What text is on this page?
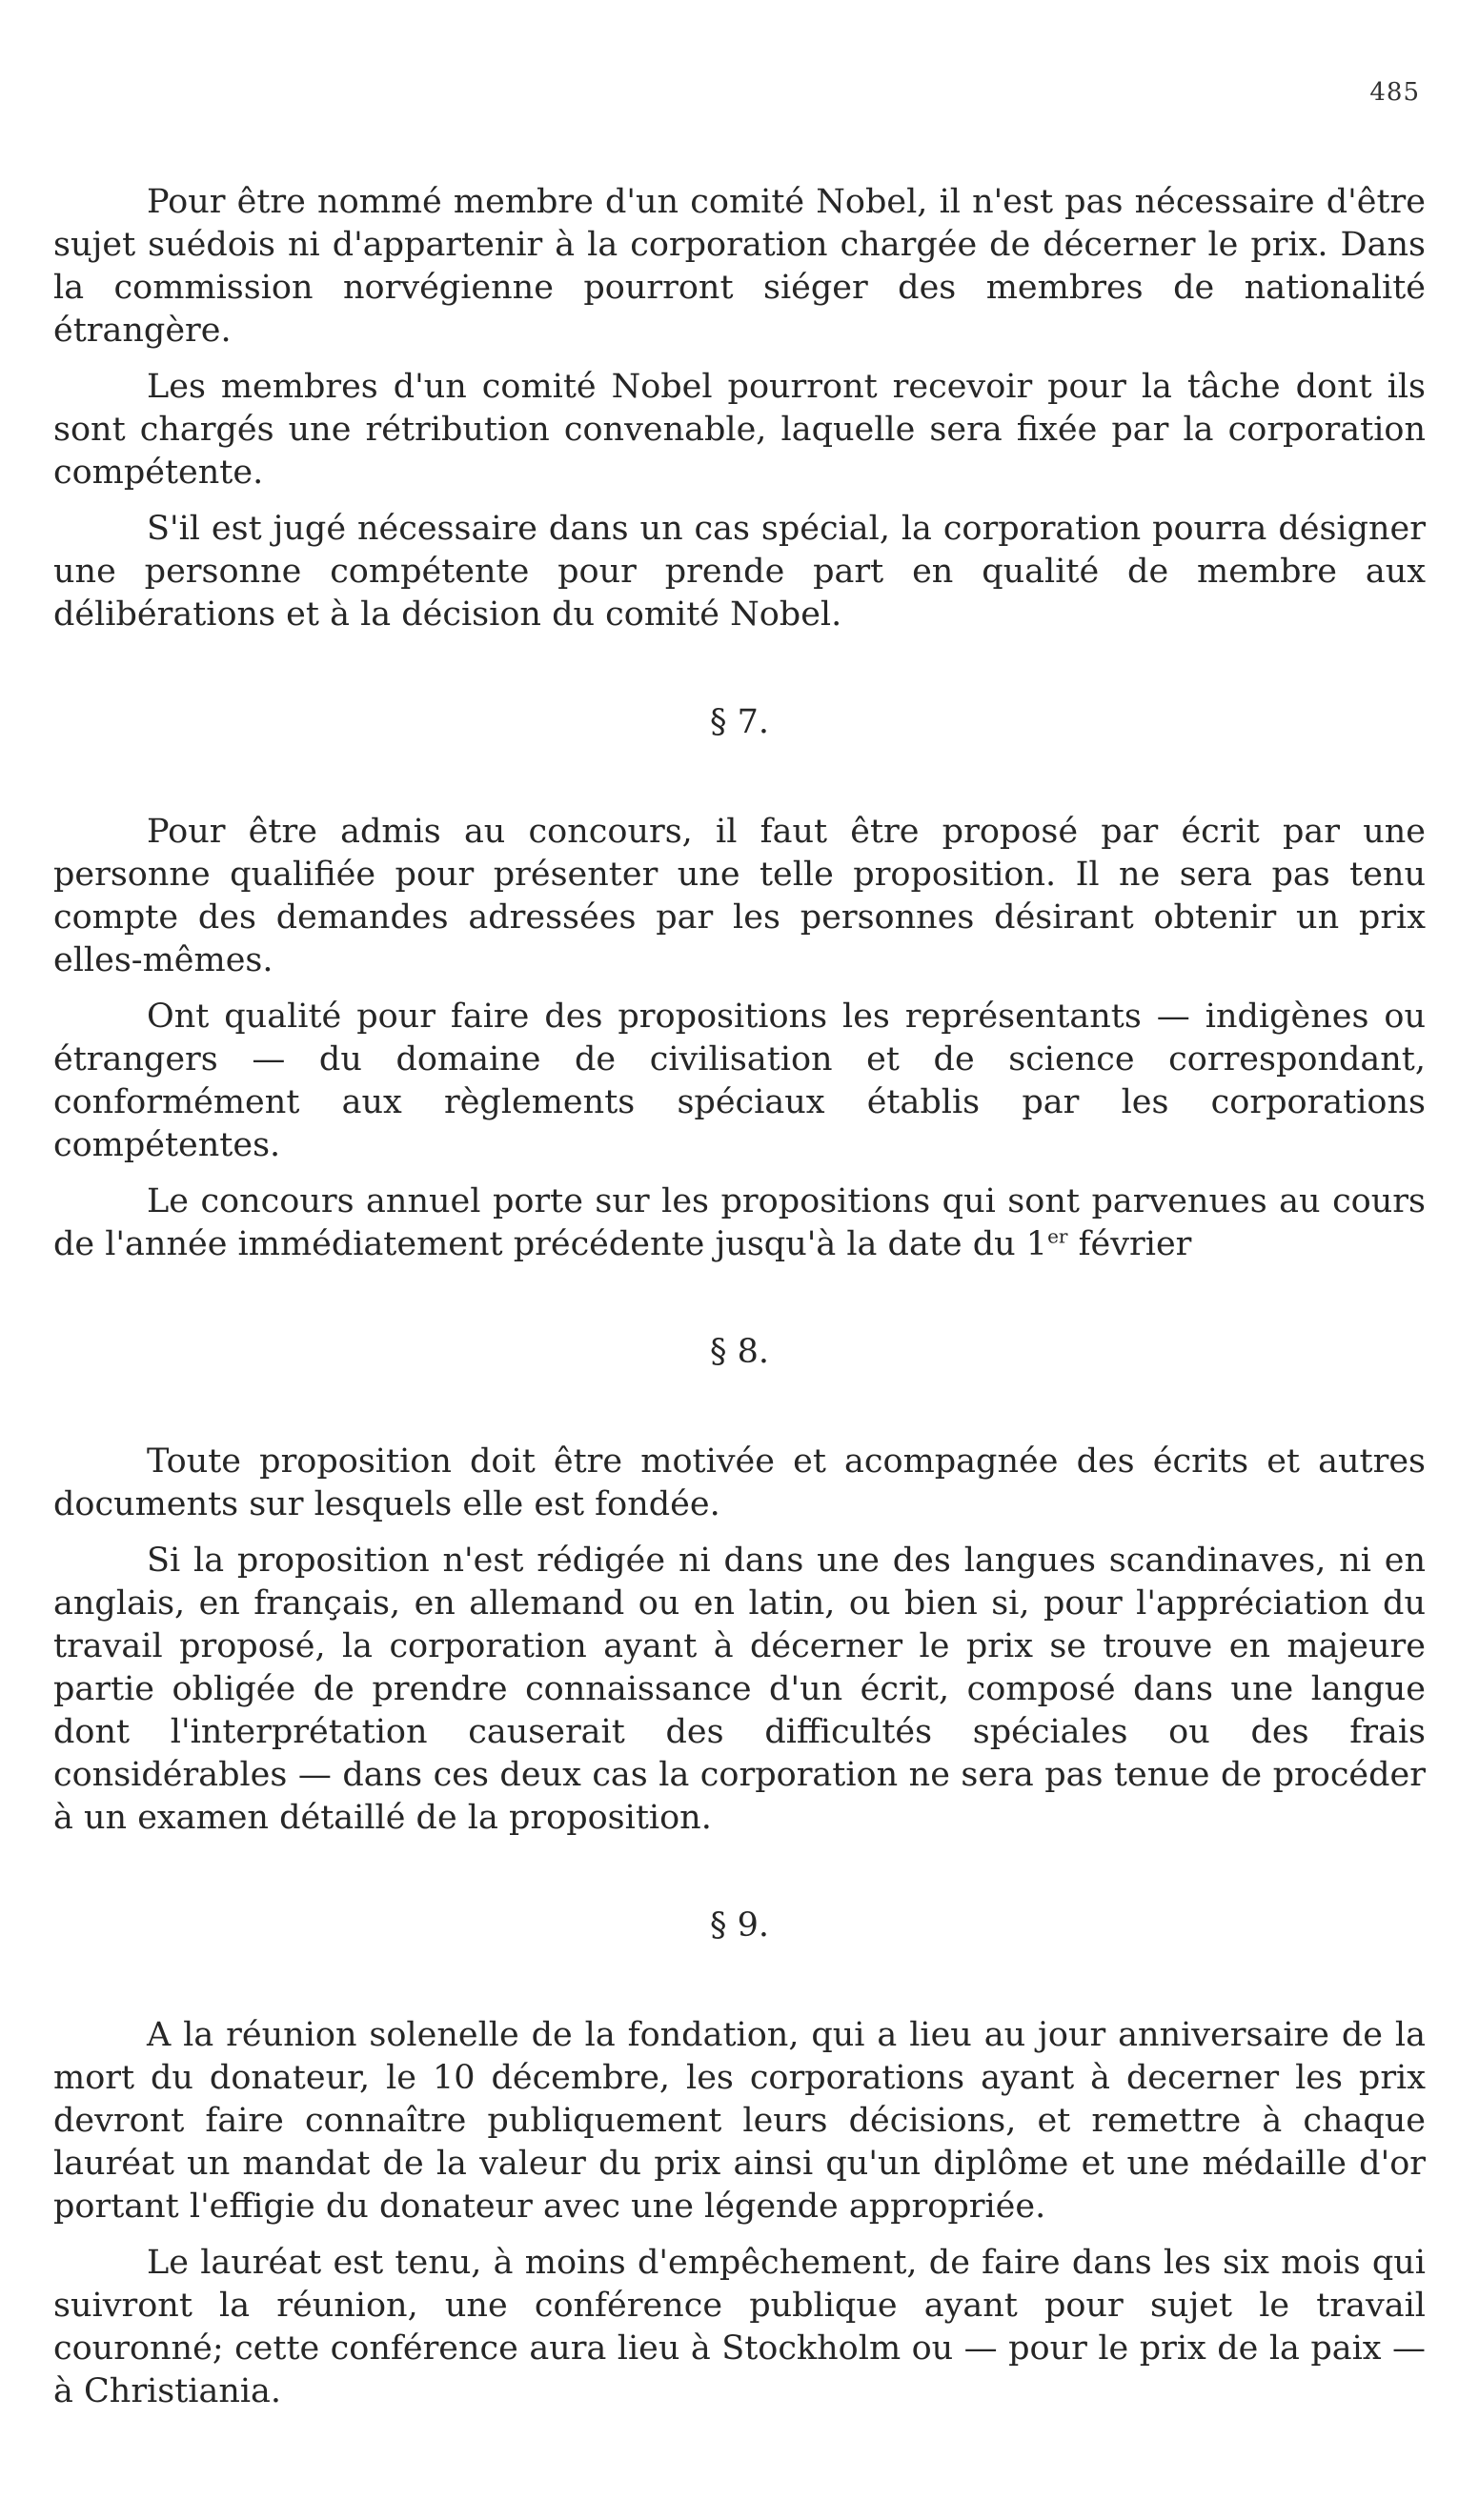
485

Pour être nommé membre d'un comité Nobel, il n'est pas nécessaire d'être sujet suédois ni d'appartenir à la corporation chargée de décerner le prix. Dans la commission norvégienne pourront siéger des membres de nationalité étrangère.

Les membres d'un comité Nobel pourront recevoir pour la tâche dont ils sont chargés une rétribution convenable, laquelle sera fixée par la corporation compétente.

S'il est jugé nécessaire dans un cas spécial, la corporation pourra désigner une personne compétente pour prende part en qualité de membre aux délibérations et à la décision du comité Nobel.

§ 7.

Pour être admis au concours, il faut être proposé par écrit par une personne qualifiée pour présenter une telle proposition. Il ne sera pas tenu compte des demandes adressées par les personnes désirant obtenir un prix elles-mêmes.

Ont qualité pour faire des propositions les représentants — indigènes ou étrangers — du domaine de civilisation et de science correspondant, conformément aux règlements spéciaux établis par les corporations compétentes.

Le concours annuel porte sur les propositions qui sont parvenues au cours de l'année immédiatement précédente jusqu'à la date du 1er février

§ 8.

Toute proposition doit être motivée et acompagnée des écrits et autres documents sur lesquels elle est fondée.

Si la proposition n'est rédigée ni dans une des langues scandinaves, ni en anglais, en français, en allemand ou en latin, ou bien si, pour l'appréciation du travail proposé, la corporation ayant à décerner le prix se trouve en majeure partie obligée de prendre connaissance d'un écrit, composé dans une langue dont l'interprétation causerait des difficultés spéciales ou des frais considérables — dans ces deux cas la corporation ne sera pas tenue de procéder à un examen détaillé de la proposition.

§ 9.

A la réunion solenelle de la fondation, qui a lieu au jour anniversaire de la mort du donateur, le 10 décembre, les corporations ayant à decerner les prix devront faire connaître publiquement leurs décisions, et remettre à chaque lauréat un mandat de la valeur du prix ainsi qu'un diplôme et une médaille d'or portant l'effigie du donateur avec une légende appropriée.

Le lauréat est tenu, à moins d'empêchement, de faire dans les six mois qui suivront la réunion, une conférence publique ayant pour sujet le travail couronné; cette conférence aura lieu à Stockholm ou — pour le prix de la paix — à Christiania.
